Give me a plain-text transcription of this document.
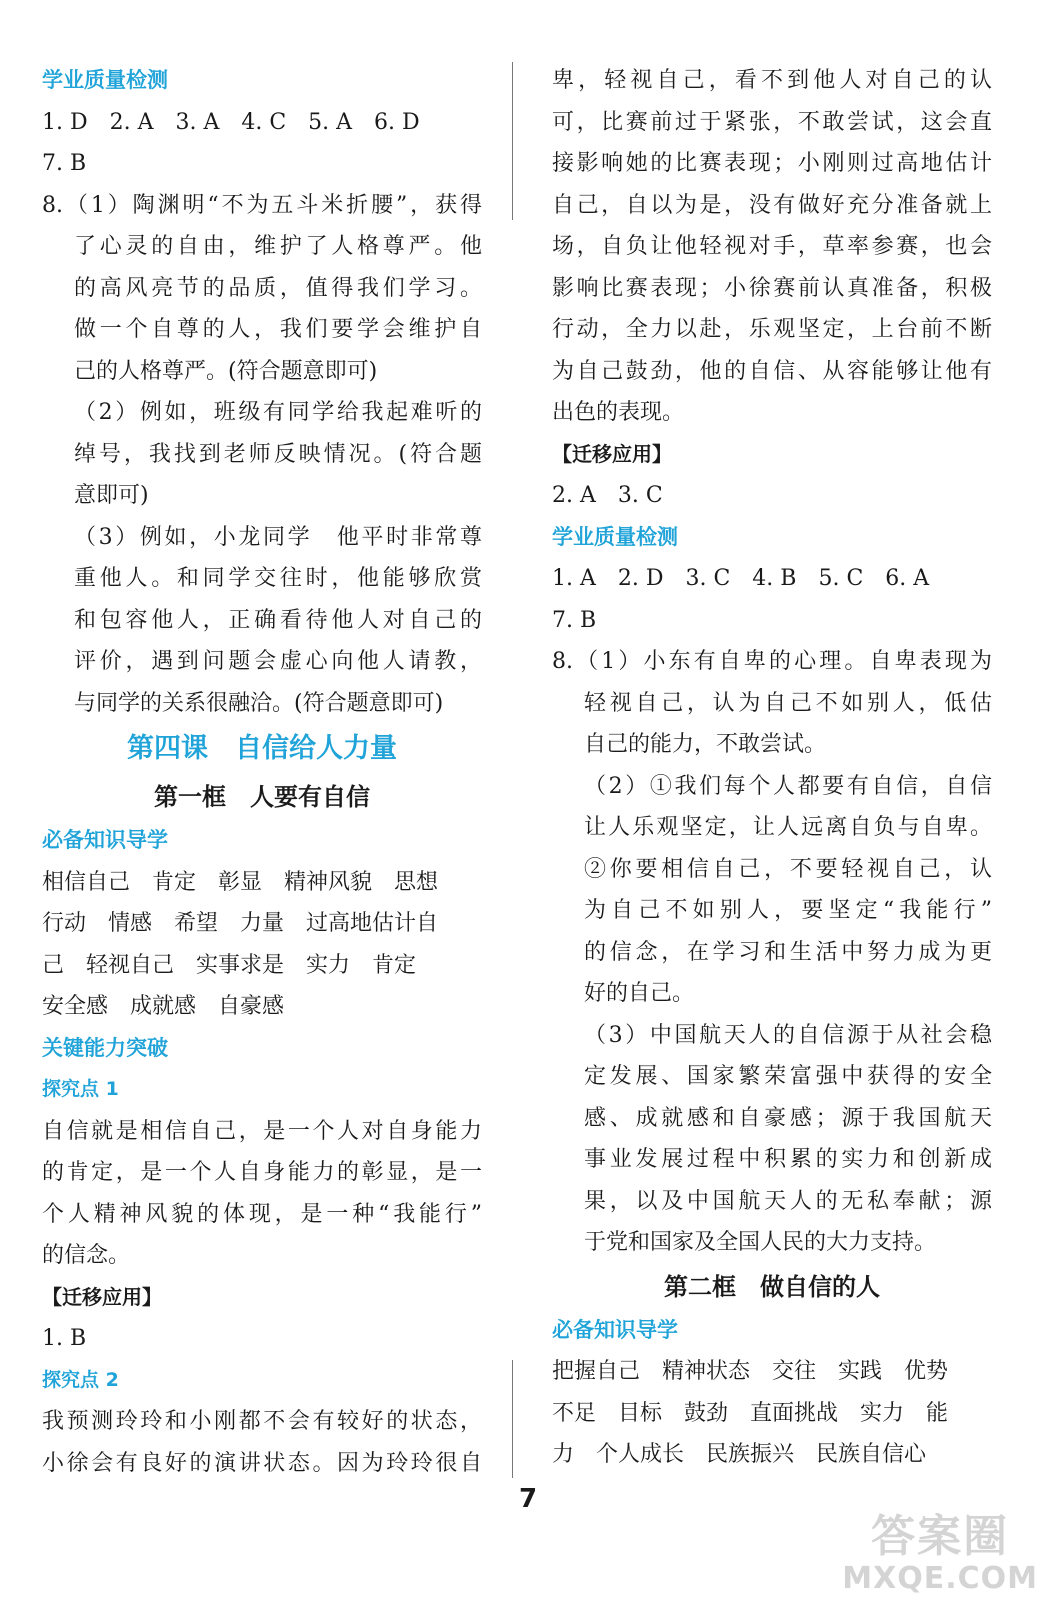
学业质量检测
1. D　2. A　3. A　4. C　5. A　6. D
7. B
8.（1）陶渊明“不为五斗米折腰”，获得
了心灵的自由，维护了人格尊严。他
的高风亮节的品质，值得我们学习。
做一个自尊的人，我们要学会维护自
己的人格尊严。(符合题意即可)
（2）例如，班级有同学给我起难听的
绰号，我找到老师反映情况。(符合题
意即可)
（3）例如，小龙同学　他平时非常尊
重他人。和同学交往时，他能够欣赏
和包容他人，正确看待他人对自己的
评价，遇到问题会虚心向他人请教，
与同学的关系很融洽。(符合题意即可)
第四课　自信给人力量
第一框　人要有自信
必备知识导学
相信自己　肯定　彰显　精神风貌　思想
行动　情感　希望　力量　过高地估计自
己　轻视自己　实事求是　实力　肯定
安全感　成就感　自豪感
关键能力突破
探究点 1
自信就是相信自己，是一个人对自身能力
的肯定，是一个人自身能力的彰显，是一
个人精神风貌的体现，是一种“我能行”
的信念。
【迁移应用】
1. B
探究点 2
我预测玲玲和小刚都不会有较好的状态，
小徐会有良好的演讲状态。因为玲玲很自
卑，轻视自己，看不到他人对自己的认
可，比赛前过于紧张，不敢尝试，这会直
接影响她的比赛表现；小刚则过高地估计
自己，自以为是，没有做好充分准备就上
场，自负让他轻视对手，草率参赛，也会
影响比赛表现；小徐赛前认真准备，积极
行动，全力以赴，乐观坚定，上台前不断
为自己鼓劲，他的自信、从容能够让他有
出色的表现。
【迁移应用】
2. A　3. C
学业质量检测
1. A　2. D　3. C　4. B　5. C　6. A
7. B
8.（1）小东有自卑的心理。自卑表现为
轻视自己，认为自己不如别人，低估
自己的能力，不敢尝试。
（2）①我们每个人都要有自信，自信
让人乐观坚定，让人远离自负与自卑。
②你要相信自己，不要轻视自己，认
为自己不如别人，要坚定“我能行”
的信念，在学习和生活中努力成为更
好的自己。
（3）中国航天人的自信源于从社会稳
定发展、国家繁荣富强中获得的安全
感、成就感和自豪感；源于我国航天
事业发展过程中积累的实力和创新成
果，以及中国航天人的无私奉献；源
于党和国家及全国人民的大力支持。
第二框　做自信的人
必备知识导学
把握自己　精神状态　交往　实践　优势
不足　目标　鼓劲　直面挑战　实力　能
力　个人成长　民族振兴　民族自信心
7
答案圈
MXQE.COM
